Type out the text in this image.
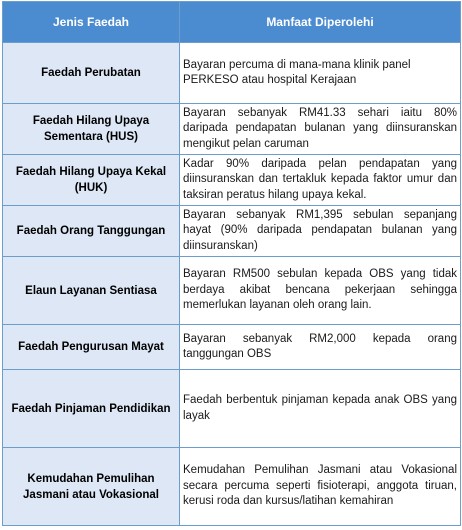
Jenis Faedah	Manfaat Diperolehi
Faedah Perubatan	Bayaran percuma di mana-mana klinik panel PERKESO atau hospital Kerajaan
Faedah Hilang Upaya Sementara (HUS)	Bayaran sebanyak RM41.33 sehari iaitu 80% daripada pendapatan bulanan yang diinsuranskan mengikut pelan caruman
Faedah Hilang Upaya Kekal (HUK)	Kadar 90% daripada pelan pendapatan yang diinsuranskan dan tertakluk kepada faktor umur dan taksiran peratus hilang upaya kekal.
Faedah Orang Tanggungan	Bayaran sebanyak RM1,395 sebulan sepanjang hayat (90% daripada pendapatan bulanan yang diinsuranskan)
Elaun Layanan Sentiasa	Bayaran RM500 sebulan kepada OBS yang tidak berdaya akibat bencana pekerjaan sehingga memerlukan layanan oleh orang lain.
Faedah Pengurusan Mayat	Bayaran sebanyak RM2,000 kepada orang tanggungan OBS
Faedah Pinjaman Pendidikan	Faedah berbentuk pinjaman kepada anak OBS yang layak
Kemudahan Pemulihan Jasmani atau Vokasional	Kemudahan Pemulihan Jasmani atau Vokasional secara percuma seperti fisioterapi, anggota tiruan, kerusi roda dan kursus/latihan kemahiran
